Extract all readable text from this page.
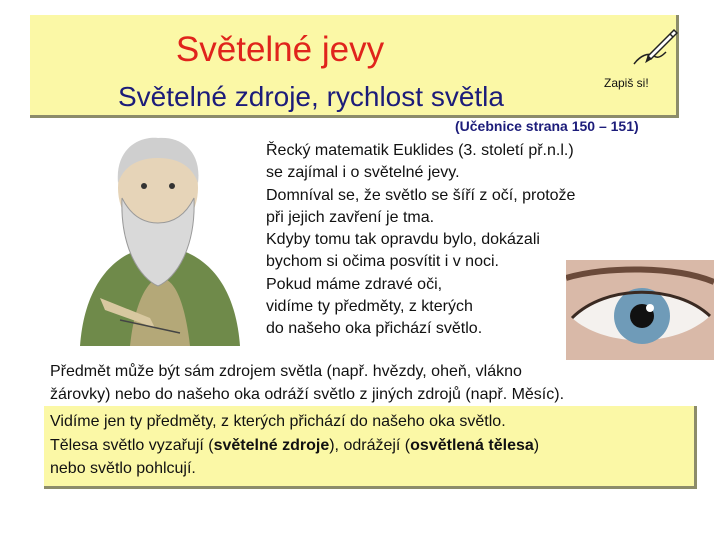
Světelné jevy
Světelné zdroje, rychlost světla	Zapiš si!
(Učebnice strana 150 – 151)
Řecký matematik Euklides (3. století př.n.l.)
se zajímal i o světelné jevy.
Domníval se, že světlo se šíří z očí, protože
při jejich zavření je tma.
Kdyby tomu tak opravdu bylo, dokázali
bychom si očima posvítit i v noci.
Pokud máme zdravé oči,
vidíme ty předměty, z kterých
do našeho oka přichází světlo.
Předmět může být sám zdrojem světla (např. hvězdy, oheň, vlákno
žárovky) nebo do našeho oka odráží světlo z jiných zdrojů (např. Měsíc).
Vidíme jen ty předměty, z kterých přichází do našeho oka světlo.
Tělesa světlo vyzařují (světelné zdroje), odrážejí (osvětlená tělesa)
nebo světlo pohlcují.
